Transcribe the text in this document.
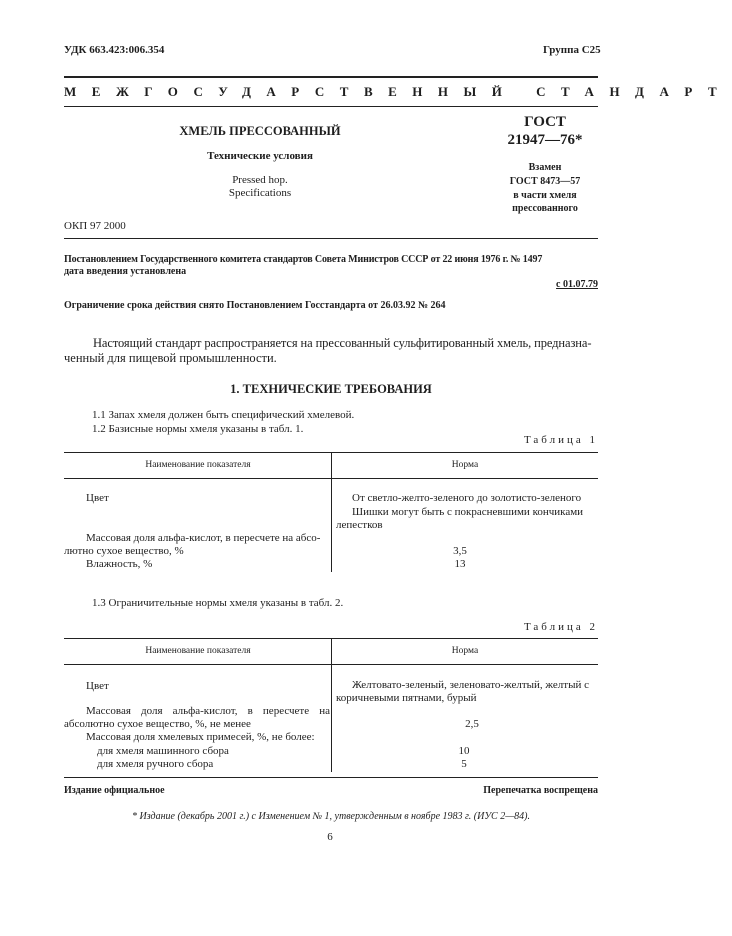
УДК 663.423:006.354	Группа С25
МЕЖГОСУДАРСТВЕННЫЙ СТАНДАРТ
ХМЕЛЬ ПРЕССОВАННЫЙ
Технические условия
Pressed hop.
Specifications
ГОСТ
21947—76*
Взамен
ГОСТ 8473—57
в части хмеля
прессованного
ОКП 97 2000
Постановлением Государственного комитета стандартов Совета Министров СССР от 22 июня 1976 г. № 1497
дата введения установлена
с 01.07.79
Ограничение срока действия снято Постановлением Госстандарта от 26.03.92 № 264
Настоящий стандарт распространяется на прессованный сульфитированный хмель, предназна-
ченный для пищевой промышленности.
1. ТЕХНИЧЕСКИЕ ТРЕБОВАНИЯ
1.1 Запах хмеля должен быть специфический хмелевой.
1.2 Базисные нормы хмеля указаны в табл. 1.
Таблица 1
Наименование показателя	Норма
Цвет	От светло-желто-зеленого до золотисто-зеленого
Шишки могут быть с покрасневшими кончиками
лепестков
Массовая доля альфа-кислот, в пересчете на абсо-
лютно сухое вещество, %	3,5
Влажность, %	13
1.3 Ограничительные нормы хмеля указаны в табл. 2.
Таблица 2
Наименование показателя	Норма
Цвет	Желтовато-зеленый, зеленовато-желтый, желтый с
коричневыми пятнами, бурый
Массовая доля альфа-кислот, в пересчете на
абсолютно сухое вещество, %, не менее	2,5
Массовая доля хмелевых примесей, %, не более:
для хмеля машинного сбора	10
для хмеля ручного сбора	5
Издание официальное	Перепечатка воспрещена
* Издание (декабрь 2001 г.) с Изменением № 1, утвержденным в ноябре 1983 г. (ИУС 2—84).
6
